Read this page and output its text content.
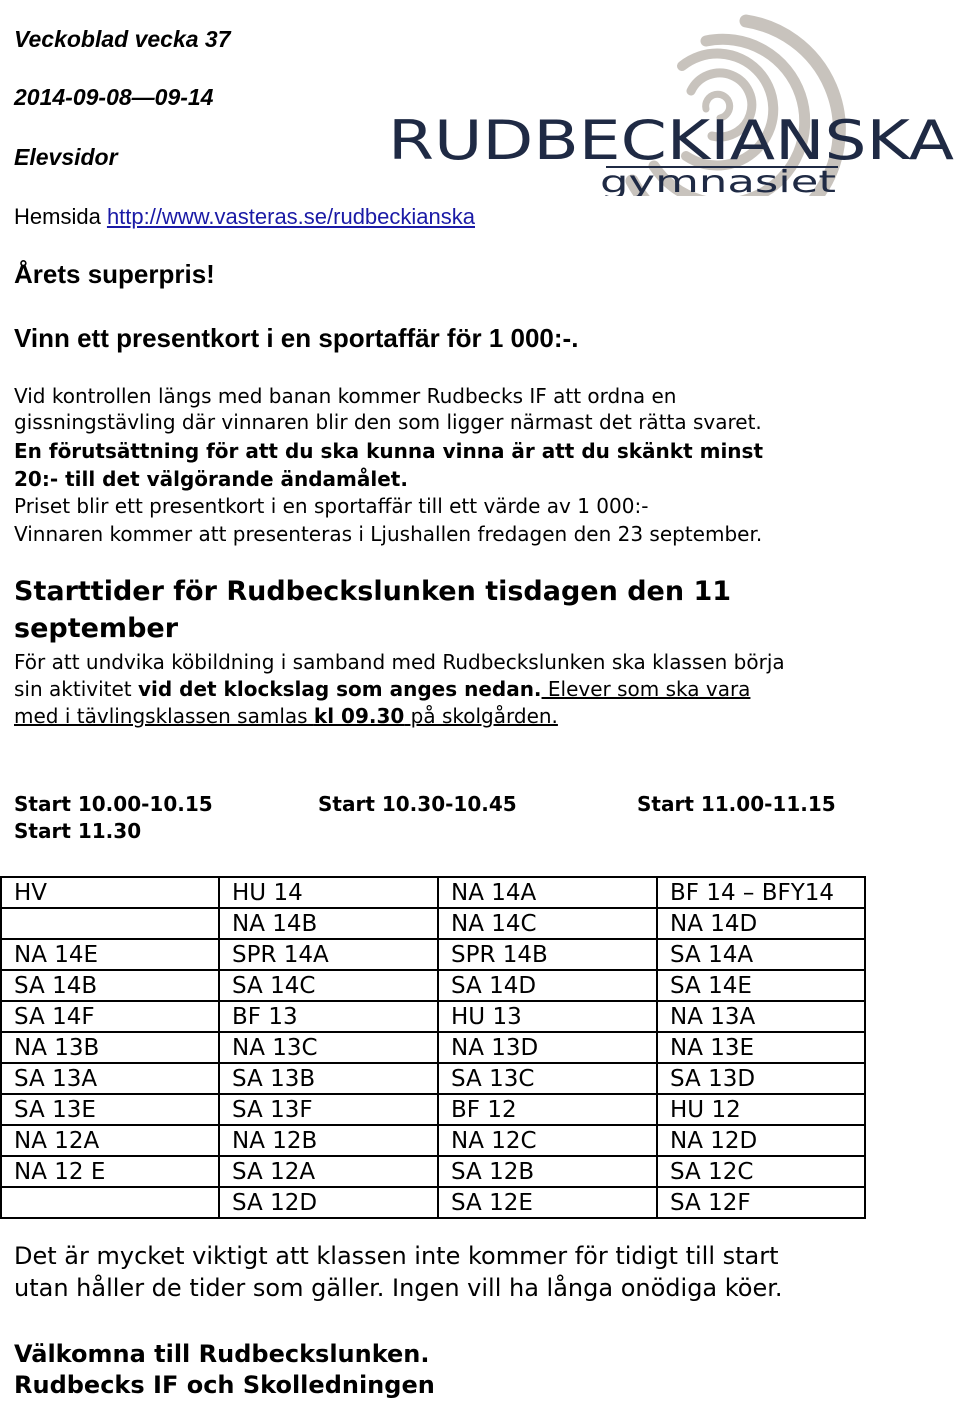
Veckoblad vecka 37
2014-09-08—09-14
Elevsidor
Hemsida http://www.vasteras.se/rudbeckianska
RUDBECKIANSKA
gymnasiet
Årets superpris!
Vinn ett presentkort i en sportaffär för 1 000:-.
Vid kontrollen längs med banan kommer Rudbecks IF att ordna en
gissningstävling där vinnaren blir den som ligger närmast det rätta svaret.
En förutsättning för att du ska kunna vinna är att du skänkt minst
20:- till det välgörande ändamålet.
Priset blir ett presentkort i en sportaffär till ett värde av 1 000:-
Vinnaren kommer att presenteras i Ljushallen fredagen den 23 september.
Starttider för Rudbeckslunken tisdagen den 11
september
För att undvika köbildning i samband med Rudbeckslunken ska klassen börja
sin aktivitet vid det klockslag som anges nedan. Elever som ska vara
med i tävlingsklassen samlas kl 09.30 på skolgården.
Start 10.00-10.15	Start 10.30-10.45	Start 11.00-11.15
Start 11.30
HV	HU 14	NA 14A	BF 14 – BFY14
	NA 14B	NA 14C	NA 14D
NA 14E	SPR 14A	SPR 14B	SA 14A
SA 14B	SA 14C	SA 14D	SA 14E
SA 14F	BF 13	HU 13	NA 13A
NA 13B	NA 13C	NA 13D	NA 13E
SA 13A	SA 13B	SA 13C	SA 13D
SA 13E	SA 13F	BF 12	HU 12
NA 12A	NA 12B	NA 12C	NA 12D
NA 12 E	SA 12A	SA 12B	SA 12C
	SA 12D	SA 12E	SA 12F
Det är mycket viktigt att klassen inte kommer för tidigt till start
utan håller de tider som gäller. Ingen vill ha långa onödiga köer.
Välkomna till Rudbeckslunken.
Rudbecks IF och Skolledningen
